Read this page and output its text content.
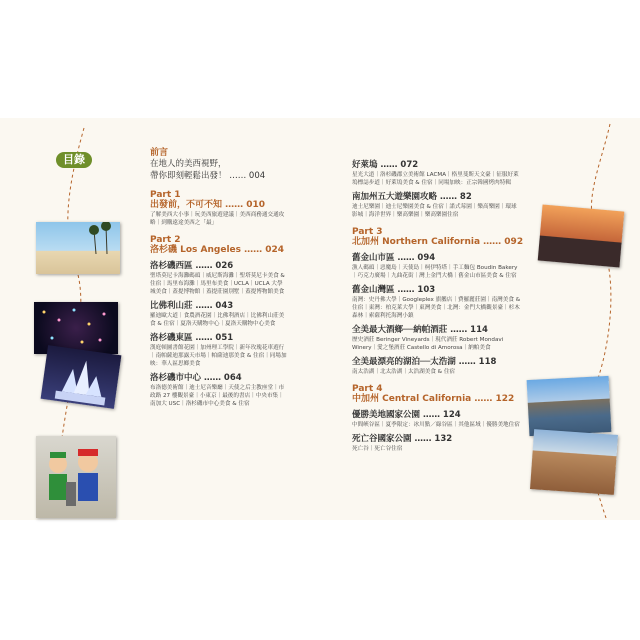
目錄	前言
在地人的美西視野，
帶你即刻輕鬆出發！ …… 004
Part 1
出發前，不可不知 …… 010
了解美西大小事｜玩美西旅遊建議｜美西商務通交通攻略｜到購遠途美西之「最」
Part 2
洛杉磯 Los Angeles …… 024
洛杉磯西區 …… 026
聖塔莫尼卡海灘碼頭｜威尼斯海灘｜聖塔莫尼卡美食 & 住宿｜馬里布海灘｜馬里布美食｜UCLA｜UCLA 大學城美食｜蓋提博物館｜蓋提莊園別墅｜蓋提博物館美食
比佛利山莊 …… 043
羅迪歐大道｜食農酒花園｜比佛利酒店｜比佛利山莊美食 & 住宿｜夏洛天購物中心｜夏洛天購物中心美食
洛杉磯東區 …… 051
漢庭頓圖書館花園｜加州理工學院｜新年玫瑰花車遊行｜南帕薩迪那露天市場｜帕薩迪那美食 & 住宿｜同場加映：華人區思鄉美食
洛杉磯市中心 …… 064
布洛德美術館｜迪士尼音樂廳｜天使之后主教座堂｜市政路 27 樓觀景臺｜小東京｜最後的書店｜中央市集｜南加大 USC｜洛杉磯市中心美食 & 住宿
好萊塢 …… 072
星光大道｜洛杉磯郡立美術館 LACMA｜格里斐斯天文臺｜征服好萊塢標誌步道｜好萊塢美食 & 住宿｜同場加映：正宗韓國烤肉特輯
南加州五大遊樂園攻略 …… 82
迪士尼樂園｜迪士尼樂園美食 & 住宿｜諾式莓園｜樂高樂園｜環球影城｜海洋世界｜樂高樂園｜樂高樂園住宿
Part 3
北加州 Northern California …… 092
舊金山市區 …… 094
漁人碼頭｜惡魔島｜天使島｜柯伊特塔｜手工麵包 Boudin Bakery｜巧克力廣場｜九曲花街｜灣上金門大橋｜舊金山市區美食 & 住宿
舊金山灣區 …… 103
南灣：史丹佛大學｜Googleplex 旗艦店｜費羅麗莊園｜南灣美食 & 住宿｜東灣：柏克萊大學｜東灣美食｜北灣：金門大橋觀景臺｜杉木森林｜索薩利托海灣小鎮
全美最大酒鄉──納帕酒莊 …… 114
歷史酒莊 Beringer Vineyards｜現代酒莊 Robert Mondavi Winery｜愛之堡酒莊 Castello di Amorosa｜納帕美食
全美最漂亮的湖泊──太浩湖 …… 118
南太浩湖｜北太浩湖｜太浩湖美食 & 住宿
Part 4
中加州 Central California …… 122
優勝美地國家公園 …… 124
中間峽谷區｜夏季限定：冰川點／綠谷區｜其他區域｜優勝美地住宿
死亡谷國家公園 …… 132
死亡谷｜死亡谷住宿
